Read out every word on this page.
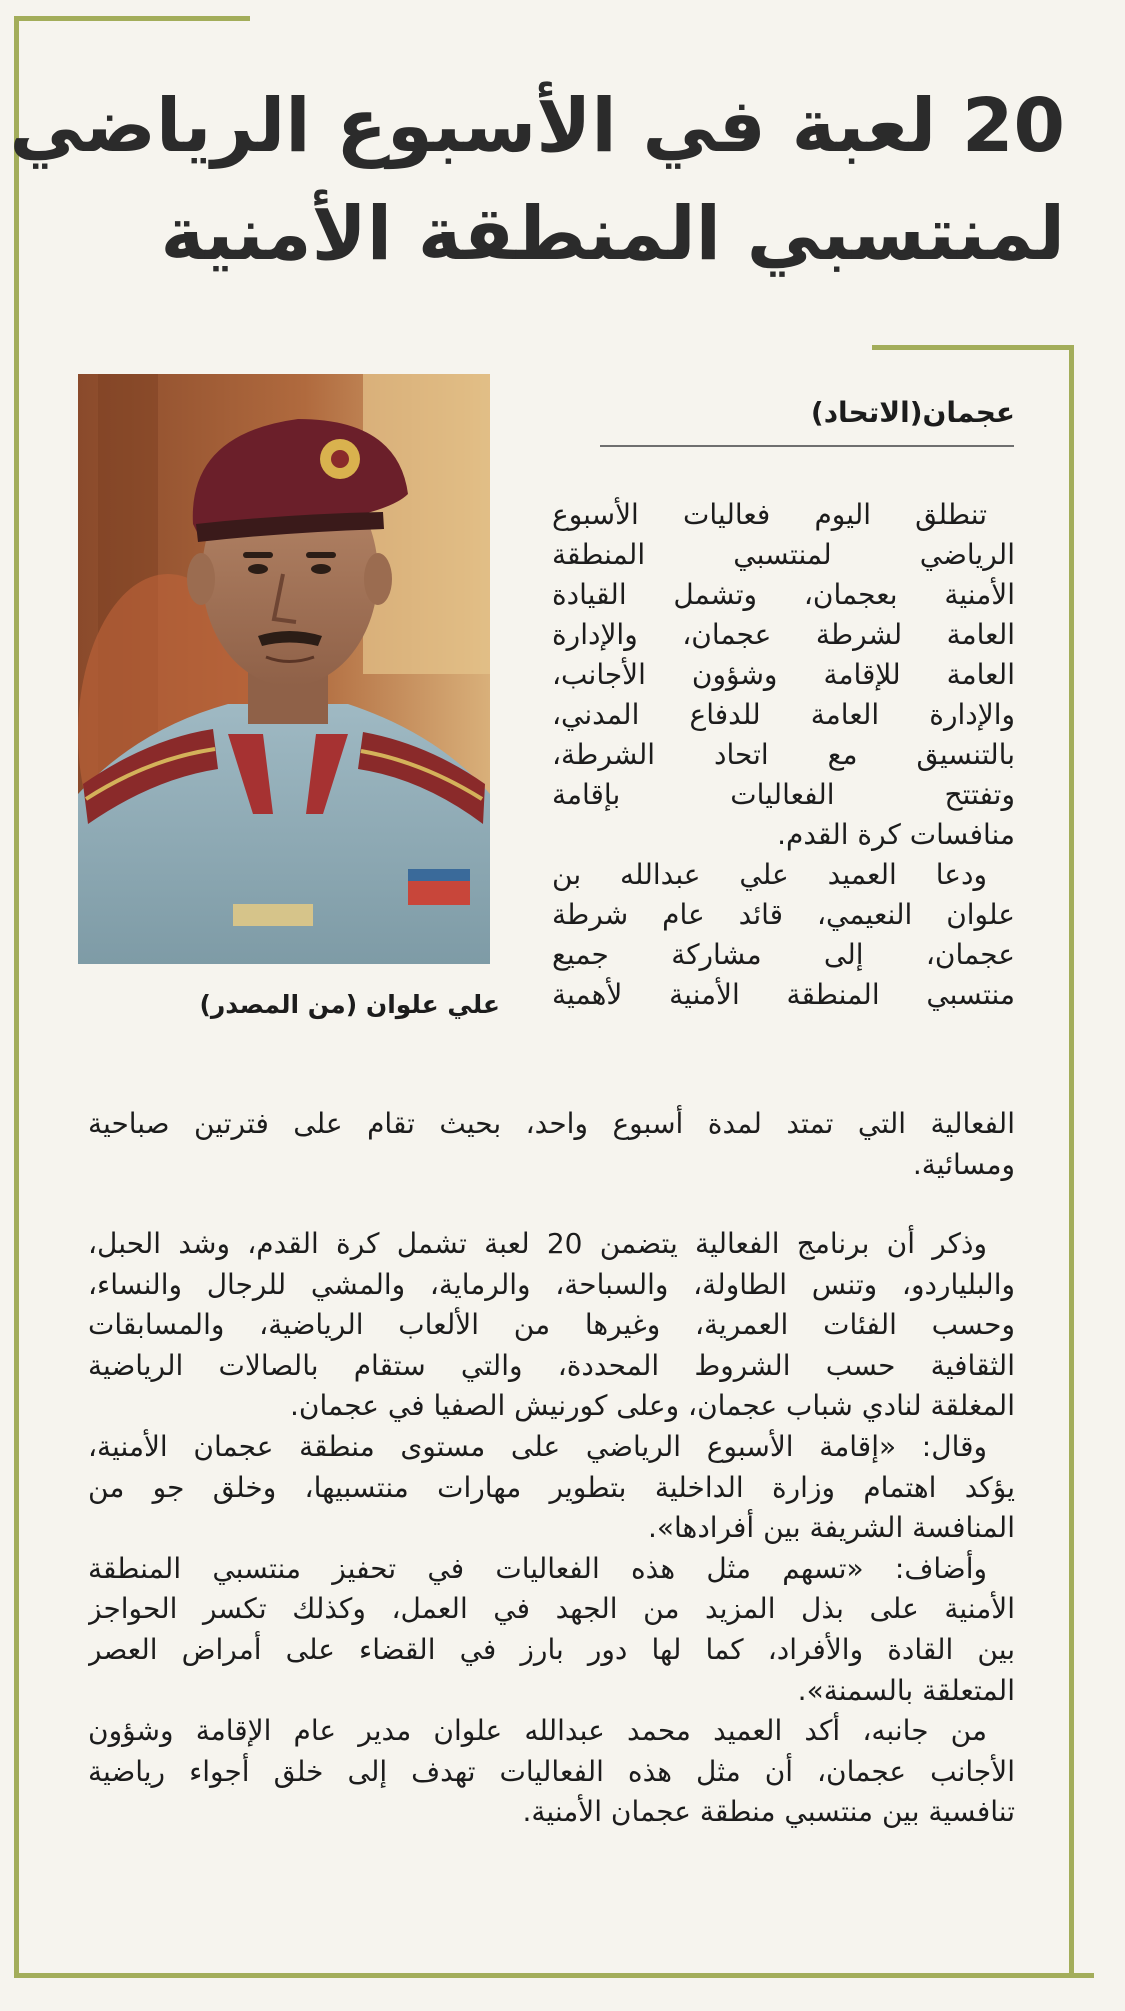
20 لعبة في الأسبوع الرياضي
لمنتسبي المنطقة الأمنية
علي علوان (من المصدر)
عجمان(الاتحاد)
تنطلق اليوم فعاليات الأسبوع
الرياضي لمنتسبي المنطقة
الأمنية بعجمان، وتشمل القيادة
العامة لشرطة عجمان، والإدارة
العامة للإقامة وشؤون الأجانب،
والإدارة العامة للدفاع المدني،
بالتنسيق مع اتحاد الشرطة،
وتفتتح الفعاليات بإقامة
منافسات كرة القدم.
ودعا العميد علي عبدالله بن
علوان النعيمي، قائد عام شرطة
عجمان، إلى مشاركة جميع
منتسبي المنطقة الأمنية لأهمية
الفعالية التي تمتد لمدة أسبوع واحد، بحيث تقام على فترتين صباحية
ومسائية.
وذكر أن برنامج الفعالية يتضمن 20 لعبة تشمل كرة القدم، وشد الحبل،
والبلياردو، وتنس الطاولة، والسباحة، والرماية، والمشي للرجال والنساء،
وحسب الفئات العمرية، وغيرها من الألعاب الرياضية، والمسابقات
الثقافية حسب الشروط المحددة، والتي ستقام بالصالات الرياضية
المغلقة لنادي شباب عجمان، وعلى كورنيش الصفيا في عجمان.
وقال: «إقامة الأسبوع الرياضي على مستوى منطقة عجمان الأمنية،
يؤكد اهتمام وزارة الداخلية بتطوير مهارات منتسبيها، وخلق جو من
المنافسة الشريفة بين أفرادها».
وأضاف: «تسهم مثل هذه الفعاليات في تحفيز منتسبي المنطقة
الأمنية على بذل المزيد من الجهد في العمل، وكذلك تكسر الحواجز
بين القادة والأفراد، كما لها دور بارز في القضاء على أمراض العصر
المتعلقة بالسمنة».
من جانبه، أكد العميد محمد عبدالله علوان مدير عام الإقامة وشؤون
الأجانب عجمان، أن مثل هذه الفعاليات تهدف إلى خلق أجواء رياضية
تنافسية بين منتسبي منطقة عجمان الأمنية.
